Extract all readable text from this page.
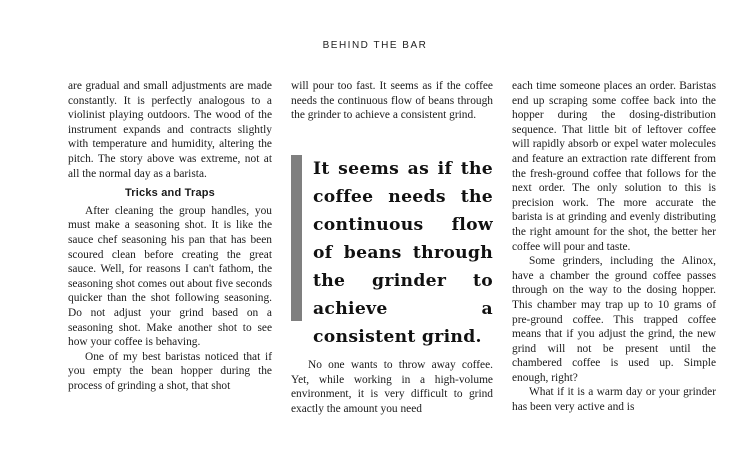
BEHIND THE BAR

are gradual and small adjustments are made constantly. It is perfectly analogous to a violinist playing outdoors. The wood of the instrument expands and contracts slightly with temperature and humidity, altering the pitch. The story above was extreme, not at all the normal day as a barista.

Tricks and Traps

After cleaning the group handles, you must make a seasoning shot. It is like the sauce chef seasoning his pan that has been scoured clean before creating the great sauce. Well, for reasons I can't fathom, the seasoning shot comes out about five seconds quicker than the shot following seasoning. Do not adjust your grind based on a seasoning shot. Make another shot to see how your coffee is behaving.

One of my best baristas noticed that if you empty the bean hopper during the process of grinding a shot, that shot

will pour too fast. It seems as if the coffee needs the continuous flow of beans through the grinder to achieve a consistent grind.

It seems as if the coffee needs the continuous flow of beans through the grinder to achieve a consistent grind.

No one wants to throw away coffee. Yet, while working in a high-volume environment, it is very difficult to grind exactly the amount you need

each time someone places an order. Baristas end up scraping some coffee back into the hopper during the dosing-distribution sequence. That little bit of leftover coffee will rapidly absorb or expel water molecules and feature an extraction rate different from the fresh-ground coffee that follows for the next order. The only solution to this is precision work. The more accurate the barista is at grinding and evenly distributing the right amount for the shot, the better her coffee will pour and taste.

Some grinders, including the Alinox, have a chamber the ground coffee passes through on the way to the dosing hopper. This chamber may trap up to 10 grams of pre-ground coffee. This trapped coffee means that if you adjust the grind, the new grind will not be present until the chambered coffee is used up. Simple enough, right?

What if it is a warm day or your grinder has been very active and is
